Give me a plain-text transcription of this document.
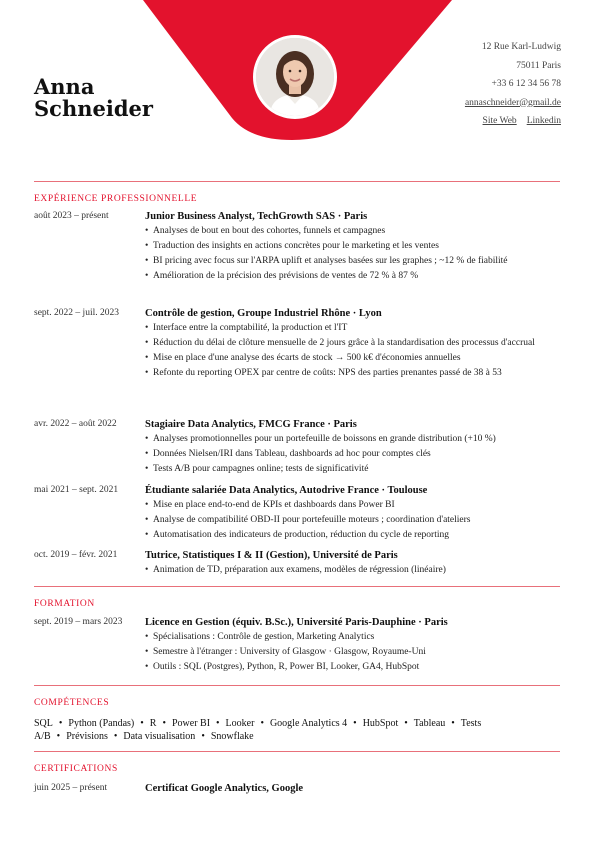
Anna
Schneider
12 Rue Karl-Ludwig
75011 Paris
+33 6 12 34 56 78
annaschneider@gmail.de
Site Web Linkedin
EXPÉRIENCE PROFESSIONNELLE
août 2023 – présent	Junior Business Analyst, TechGrowth SAS · Paris
• Analyses de bout en bout des cohortes, funnels et campagnes
• Traduction des insights en actions concrètes pour le marketing et les ventes
• BI pricing avec focus sur l'ARPA uplift et analyses basées sur les graphes ; ~12 % de fiabilité
• Amélioration de la précision des prévisions de ventes de 72 % à 87 %
sept. 2022 – juil. 2023 Contrôle de gestion, Groupe Industriel Rhône · Lyon
• Interface entre la comptabilité, la production et l'IT
• Réduction du délai de clôture mensuelle de 2 jours grâce à la standardisation des processus d'accrual
• Mise en place d'une analyse des écarts de stock → 500 k€ d'économies annuelles
• Refonte du reporting OPEX par centre de coûts: NPS des parties prenantes passé de 38 à 53
avr. 2022 – août 2022	Stagiaire Data Analytics, FMCG France · Paris
• Analyses promotionnelles pour un portefeuille de boissons en grande distribution (+10 %)
• Données Nielsen/IRI dans Tableau, dashboards ad hoc pour comptes clés
• Tests A/B pour campagnes online; tests de significativité
mai 2021 – sept. 2021	Étudiante salariée Data Analytics, Autodrive France · Toulouse
• Mise en place end-to-end de KPIs et dashboards dans Power BI
• Analyse de compatibilité OBD-II pour portefeuille moteurs ; coordination d'ateliers
• Automatisation des indicateurs de production, réduction du cycle de reporting
oct. 2019 – févr. 2021	Tutrice, Statistiques I & II (Gestion), Université de Paris
• Animation de TD, préparation aux examens, modèles de régression (linéaire)
FORMATION
sept. 2019 – mars 2023 Licence en Gestion (équiv. B.Sc.), Université Paris-Dauphine · Paris
• Spécialisations : Contrôle de gestion, Marketing Analytics
• Semestre à l'étranger : University of Glasgow · Glasgow, Royaume-Uni
• Outils : SQL (Postgres), Python, R, Power BI, Looker, GA4, HubSpot
COMPÉTENCES
SQL • Python (Pandas) • R • Power BI • Looker • Google Analytics 4 • HubSpot • Tableau • Tests A/B • Prévisions • Data visualisation • Snowflake
CERTIFICATIONS
juin 2025 – présent	Certificat Google Analytics, Google
